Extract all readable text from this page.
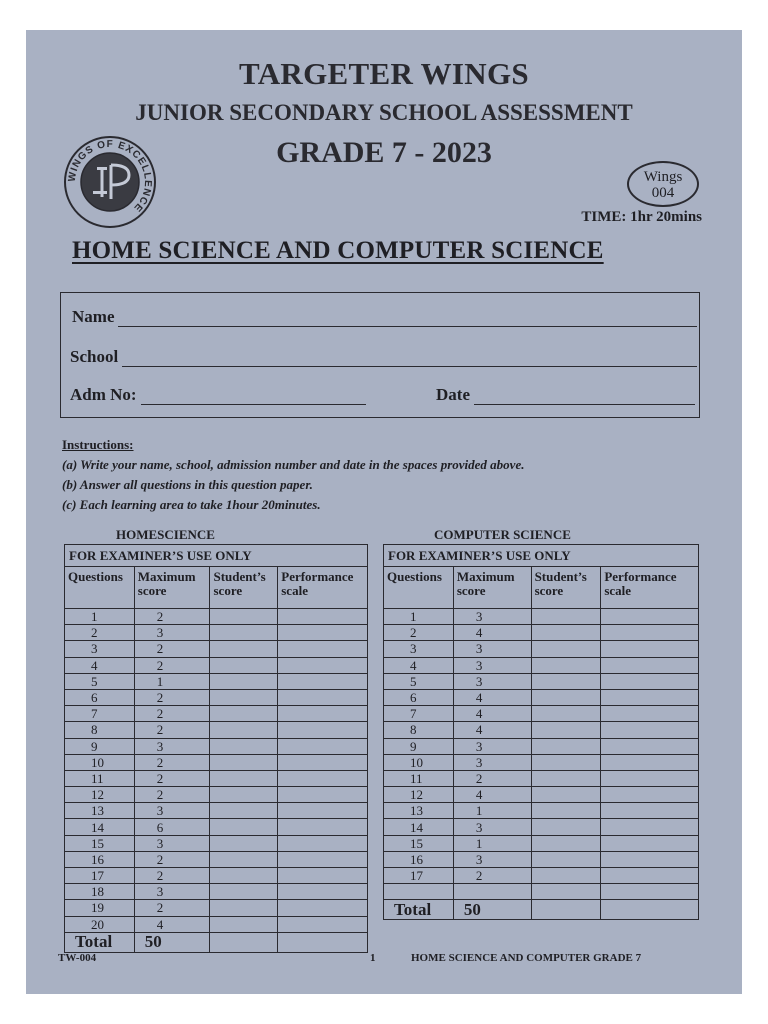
TARGETER WINGS
JUNIOR SECONDARY SCHOOL ASSESSMENT
GRADE 7 - 2023
WINGS OF EXCELLENCE
Wings
004
TIME: 1hr 20mins
HOME SCIENCE AND COMPUTER SCIENCE
Name
School
Adm No:	Date
Instructions:
(a) Write your name, school, admission number and date in the spaces provided above.
(b) Answer all questions in this question paper.
(c) Each learning area to take 1hour 20minutes.
HOMESCIENCE	COMPUTER SCIENCE
FOR EXAMINER’S USE ONLY			
Questions	Maximum score	Student’s score	Performance scale
1	2		
2	3		
3	2		
4	2		
5	1		
6	2		
7	2		
8	2		
9	3		
10	2		
11	2		
12	2		
13	3		
14	6		
15	3		
16	2		
17	2		
18	3		
19	2		
20	4		
Total	50		
FOR EXAMINER’S USE ONLY			
Questions	Maximum score	Student’s score	Performance scale
1	3		
2	4		
3	3		
4	3		
5	3		
6	4		
7	4		
8	4		
9	3		
10	3		
11	2		
12	4		
13	1		
14	3		
15	1		
16	3		
17	2		

Total	50		
TW-004	1	HOME SCIENCE AND COMPUTER GRADE 7
